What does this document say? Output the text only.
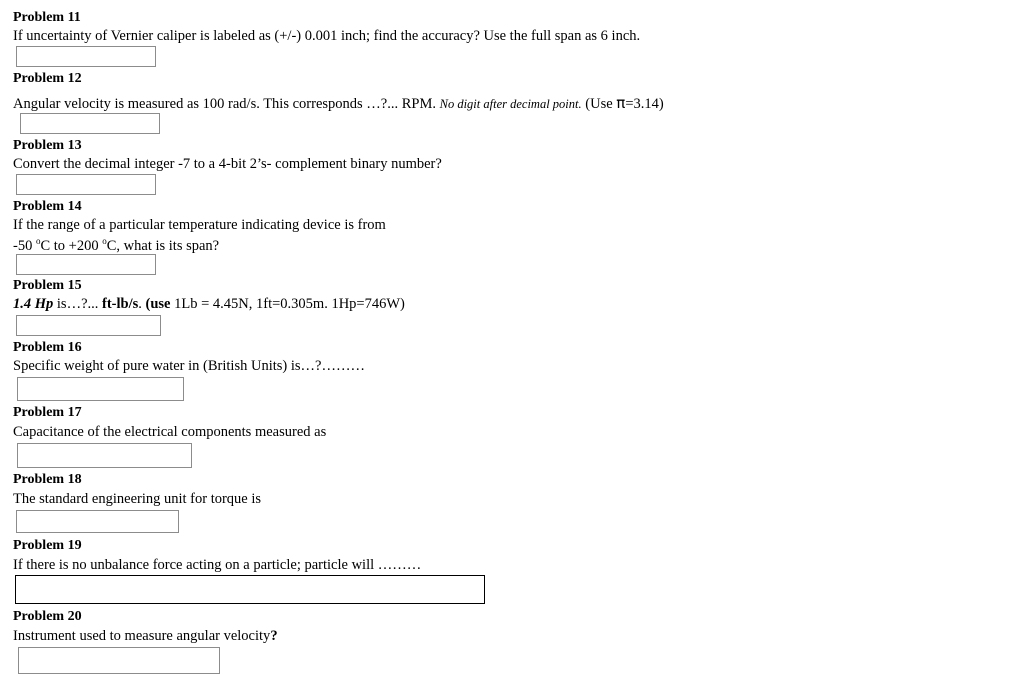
Problem 11
If uncertainty of Vernier caliper is labeled as (+/-) 0.001 inch; find the accuracy? Use the full span as 6 inch.
Problem 12
Angular velocity is measured as 100 rad/s. This corresponds …?... RPM. No digit after decimal point. (Use π=3.14)
Problem 13
Convert the decimal integer -7 to a 4-bit 2’s- complement binary number?
Problem 14
If the range of a particular temperature indicating device is from
-50 $^o$C to +200 $^o$C, what is its span?
Problem 15
1.4 Hp is…?... ft-lb/s. (use 1Lb = 4.45N, 1ft=0.305m. 1Hp=746W)
Problem 16
Specific weight of pure water in (British Units) is…?………
Problem 17
Capacitance of the electrical components measured as
Problem 18
The standard engineering unit for torque is
Problem 19
If there is no unbalance force acting on a particle; particle will ………
Problem 20
Instrument used to measure angular velocity?
